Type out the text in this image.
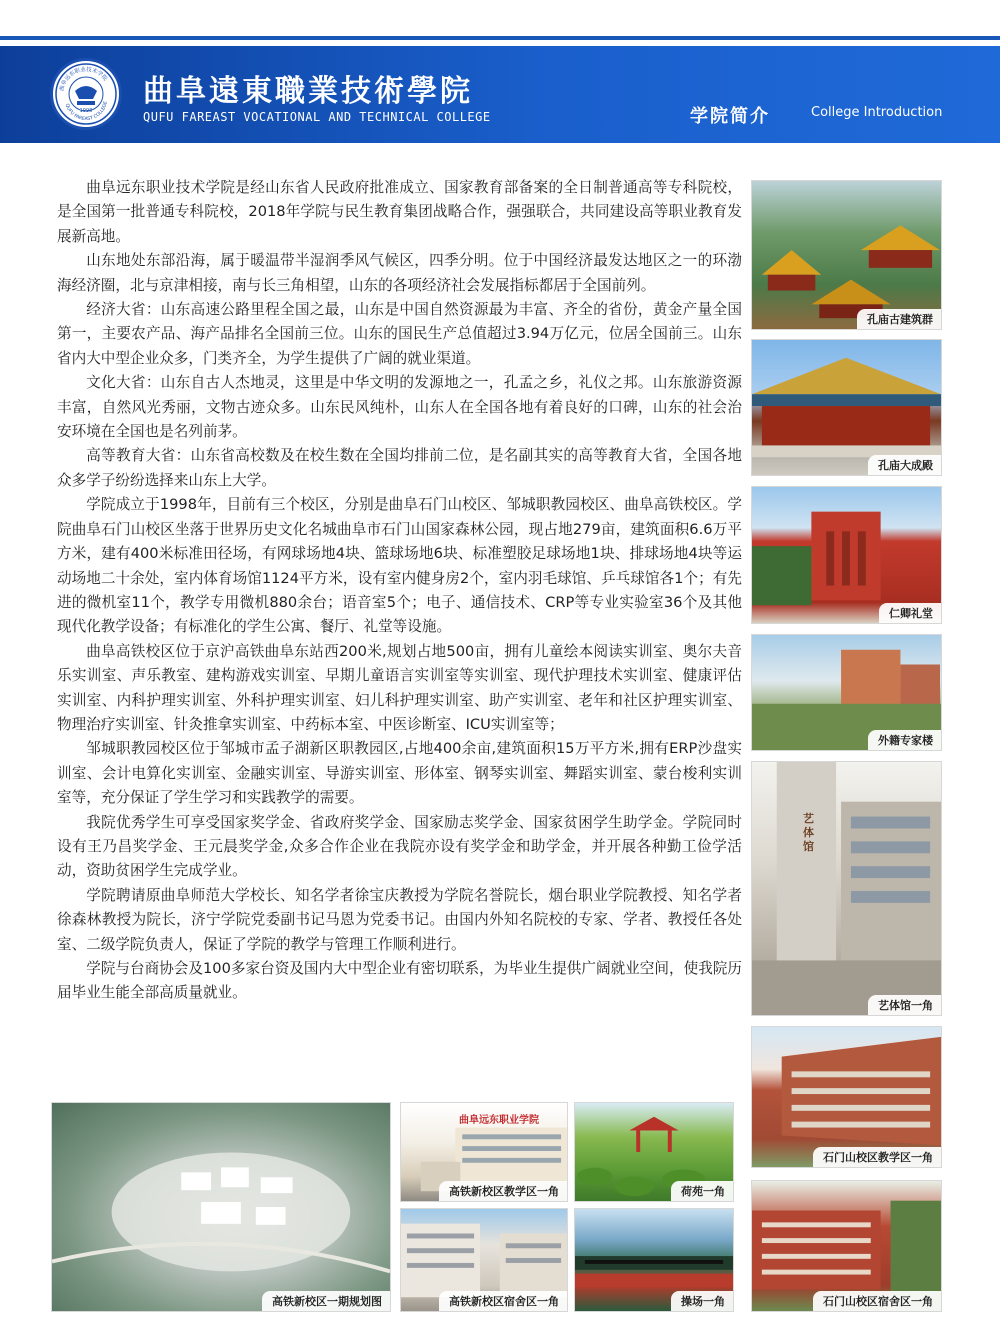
曲阜远东职业技术学院
QUFU FAREAST COLLEGE
1998
曲阜遠東職業技術學院
QUFU FAREAST VOCATIONAL AND TECHNICAL COLLEGE	学院简介	College Introduction

曲阜远东职业技术学院是经山东省人民政府批准成立、国家教育部备案的全日制普通高等专科院校，是全国第一批普通专科院校，2018年学院与民生教育集团战略合作，强强联合，共同建设高等职业教育发展新高地。

山东地处东部沿海，属于暖温带半湿润季风气候区，四季分明。位于中国经济最发达地区之一的环渤海经济圈，北与京津相接，南与长三角相望，山东的各项经济社会发展指标都居于全国前列。

经济大省：山东高速公路里程全国之最，山东是中国自然资源最为丰富、齐全的省份，黄金产量全国第一，主要农产品、海产品排名全国前三位。山东的国民生产总值超过3.94万亿元，位居全国前三。山东省内大中型企业众多，门类齐全，为学生提供了广阔的就业渠道。

文化大省：山东自古人杰地灵，这里是中华文明的发源地之一，孔孟之乡，礼仪之邦。山东旅游资源丰富，自然风光秀丽，文物古迹众多。山东民风纯朴，山东人在全国各地有着良好的口碑，山东的社会治安环境在全国也是名列前茅。

高等教育大省：山东省高校数及在校生数在全国均排前二位，是名副其实的高等教育大省，全国各地众多学子纷纷选择来山东上大学。

学院成立于1998年，目前有三个校区，分别是曲阜石门山校区、邹城职教园校区、曲阜高铁校区。学院曲阜石门山校区坐落于世界历史文化名城曲阜市石门山国家森林公园，现占地279亩，建筑面积6.6万平方米，建有400米标准田径场，有网球场地4块、篮球场地6块、标准塑胶足球场地1块、排球场地4块等运动场地二十余处，室内体育场馆1124平方米，设有室内健身房2个，室内羽毛球馆、乒乓球馆各1个；有先进的微机室11个，教学专用微机880余台；语音室5个；电子、通信技术、CRP等专业实验室36个及其他现代化教学设备；有标准化的学生公寓、餐厅、礼堂等设施。

曲阜高铁校区位于京沪高铁曲阜东站西200米,规划占地500亩，拥有儿童绘本阅读实训室、奥尔夫音乐实训室、声乐教室、建构游戏实训室、早期儿童语言实训室等实训室、现代护理技术实训室、健康评估实训室、内科护理实训室、外科护理实训室、妇儿科护理实训室、助产实训室、老年和社区护理实训室、物理治疗实训室、针灸推拿实训室、中药标本室、中医诊断室、ICU实训室等；

邹城职教园校区位于邹城市孟子湖新区职教园区,占地400余亩,建筑面积15万平方米,拥有ERP沙盘实训室、会计电算化实训室、金融实训室、导游实训室、形体室、钢琴实训室、舞蹈实训室、蒙台梭利实训室等，充分保证了学生学习和实践教学的需要。

我院优秀学生可享受国家奖学金、省政府奖学金、国家励志奖学金、国家贫困学生助学金。学院同时设有王乃昌奖学金、王元晨奖学金,众多合作企业在我院亦设有奖学金和助学金，并开展各种勤工俭学活动，资助贫困学生完成学业。

学院聘请原曲阜师范大学校长、知名学者徐宝庆教授为学院名誉院长，烟台职业学院教授、知名学者徐森林教授为院长，济宁学院党委副书记马恩为党委书记。由国内外知名院校的专家、学者、教授任各处室、二级学院负责人，保证了学院的教学与管理工作顺利进行。

学院与台商协会及100多家台资及国内大中型企业有密切联系，为毕业生提供广阔就业空间，使我院历届毕业生能全部高质量就业。

孔庙古建筑群
孔庙大成殿
仁卿礼堂
外籍专家楼
艺体馆
艺体馆一角
石门山校区教学区一角
石门山校区宿舍区一角
高铁新校区一期规划图
曲阜远东职业学院
高铁新校区教学区一角	荷苑一角
高铁新校区宿舍区一角	操场一角
